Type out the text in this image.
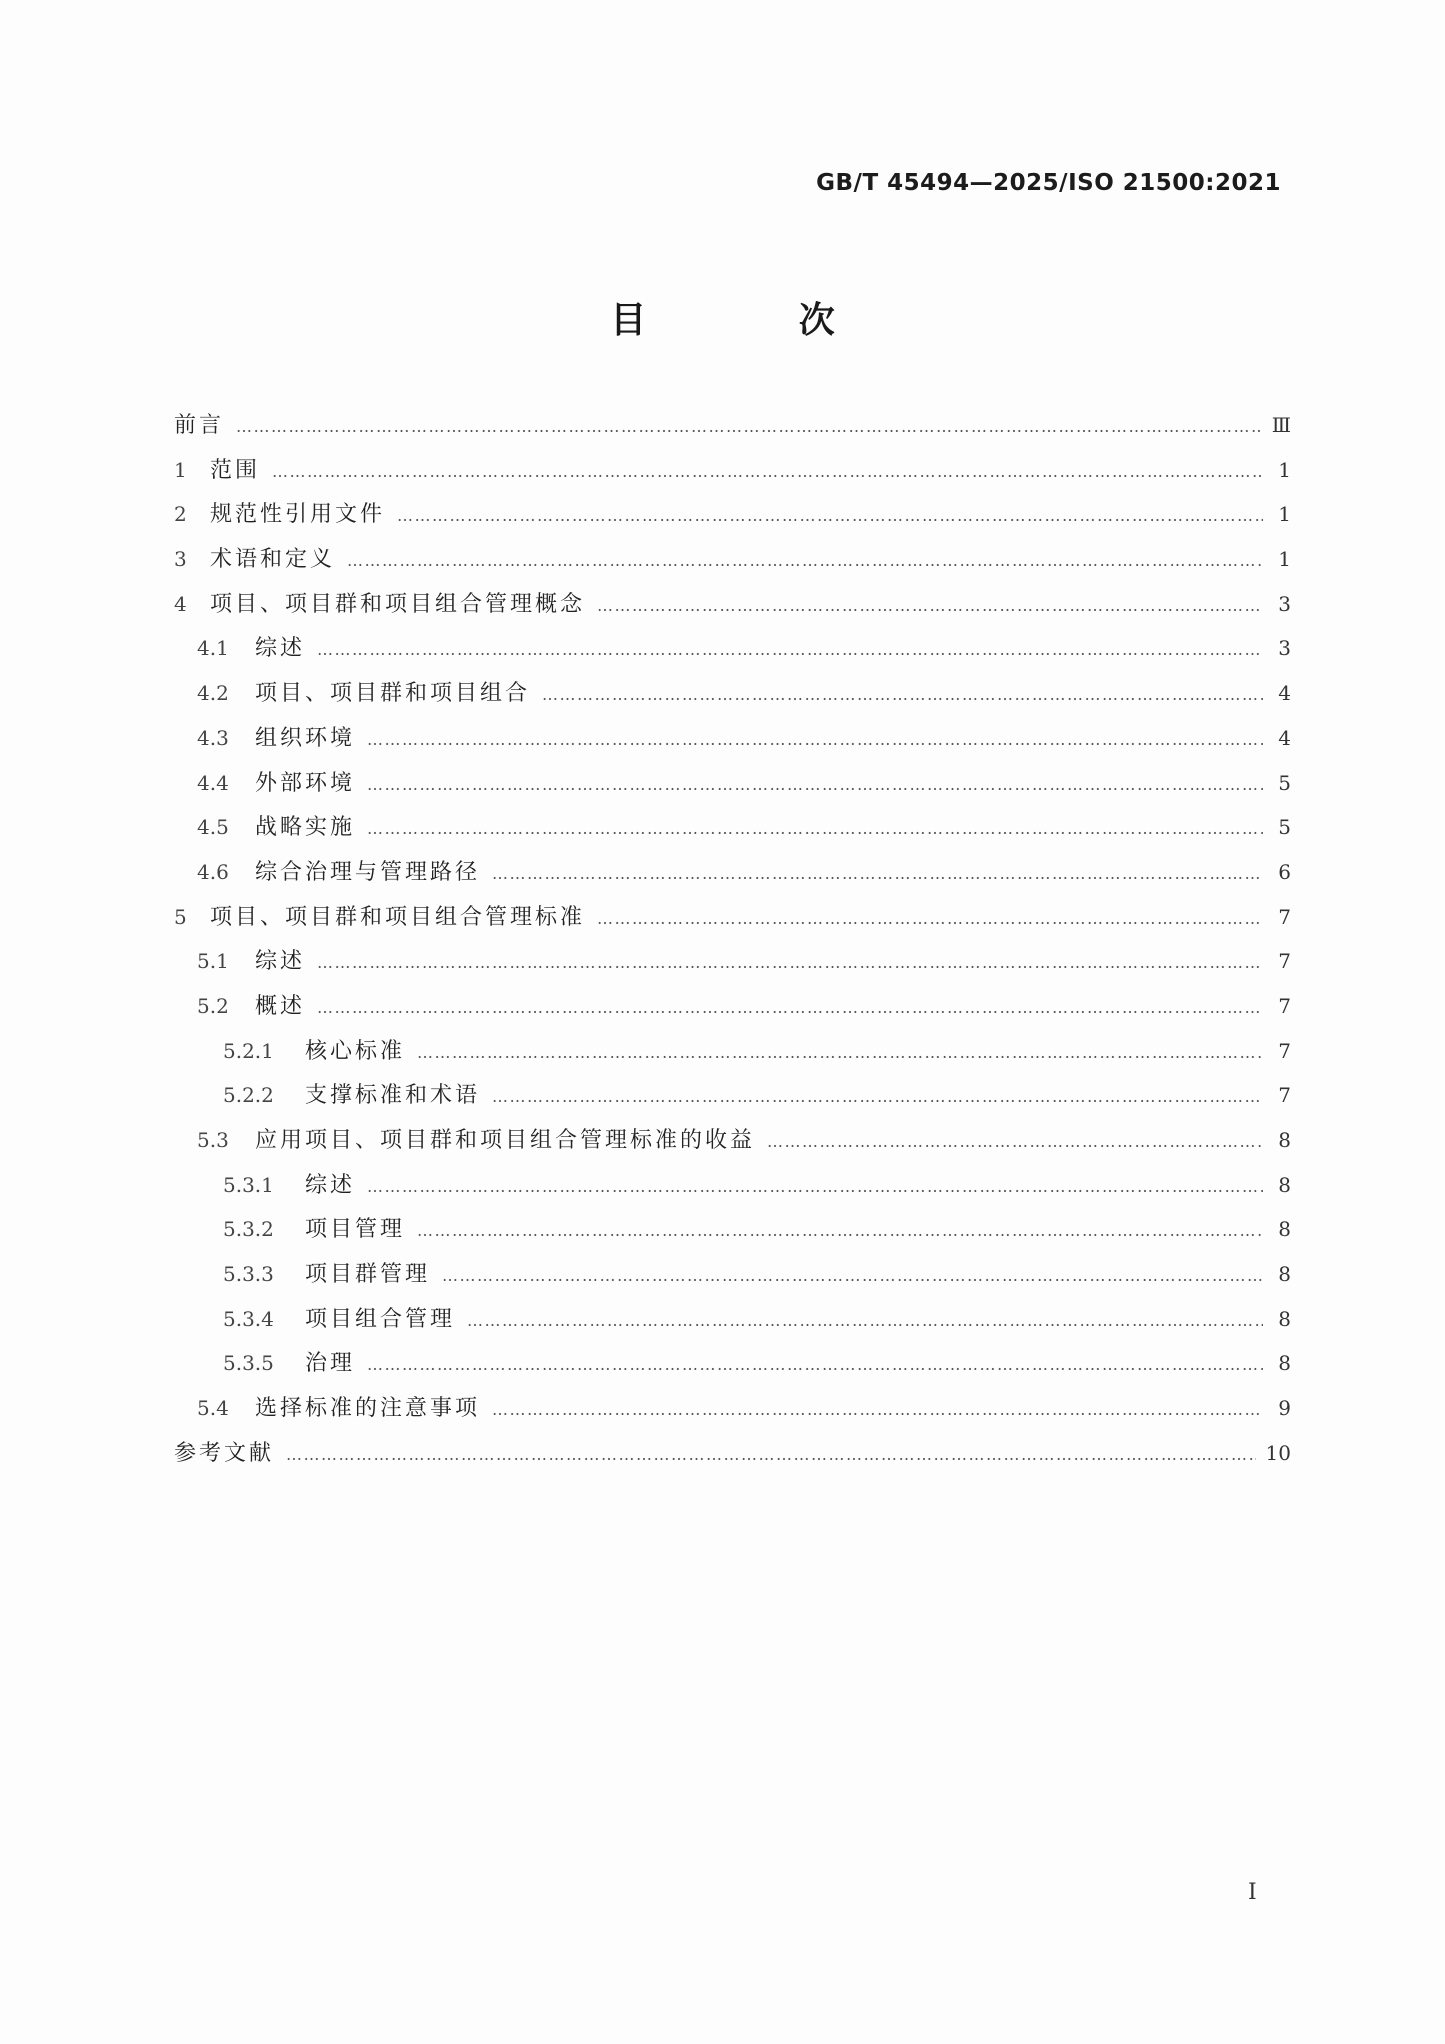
GB/T 45494—2025/ISO 21500:2021
目 次
前言 …………………………………………………………………………………………………………………………………………………………………………………………………………………………	Ⅲ
1	范围 …………………………………………………………………………………………………………………………………………………………………………………………………………………………	1
2	规范性引用文件 …………………………………………………………………………………………………………………………………………………………………………………………………………………………	1
3	术语和定义 …………………………………………………………………………………………………………………………………………………………………………………………………………………………	1
4	项目、项目群和项目组合管理概念 …………………………………………………………………………………………………………………………………………………………………………………………………………………………	3
4.1	综述 …………………………………………………………………………………………………………………………………………………………………………………………………………………………	3
4.2	项目、项目群和项目组合 …………………………………………………………………………………………………………………………………………………………………………………………………………………………	4
4.3	组织环境 …………………………………………………………………………………………………………………………………………………………………………………………………………………………	4
4.4	外部环境 …………………………………………………………………………………………………………………………………………………………………………………………………………………………	5
4.5	战略实施 …………………………………………………………………………………………………………………………………………………………………………………………………………………………	5
4.6	综合治理与管理路径 …………………………………………………………………………………………………………………………………………………………………………………………………………………………	6
5	项目、项目群和项目组合管理标准 …………………………………………………………………………………………………………………………………………………………………………………………………………………………	7
5.1	综述 …………………………………………………………………………………………………………………………………………………………………………………………………………………………	7
5.2	概述 …………………………………………………………………………………………………………………………………………………………………………………………………………………………	7
5.2.1	核心标准 …………………………………………………………………………………………………………………………………………………………………………………………………………………………	7
5.2.2	支撑标准和术语 …………………………………………………………………………………………………………………………………………………………………………………………………………………………	7
5.3	应用项目、项目群和项目组合管理标准的收益 …………………………………………………………………………………………………………………………………………………………………………………………………………………………	8
5.3.1	综述 …………………………………………………………………………………………………………………………………………………………………………………………………………………………	8
5.3.2	项目管理 …………………………………………………………………………………………………………………………………………………………………………………………………………………………	8
5.3.3	项目群管理 …………………………………………………………………………………………………………………………………………………………………………………………………………………………	8
5.3.4	项目组合管理 …………………………………………………………………………………………………………………………………………………………………………………………………………………………	8
5.3.5	治理 …………………………………………………………………………………………………………………………………………………………………………………………………………………………	8
5.4	选择标准的注意事项 …………………………………………………………………………………………………………………………………………………………………………………………………………………………	9
参考文献 …………………………………………………………………………………………………………………………………………………………………………………………………………………………	10
I
